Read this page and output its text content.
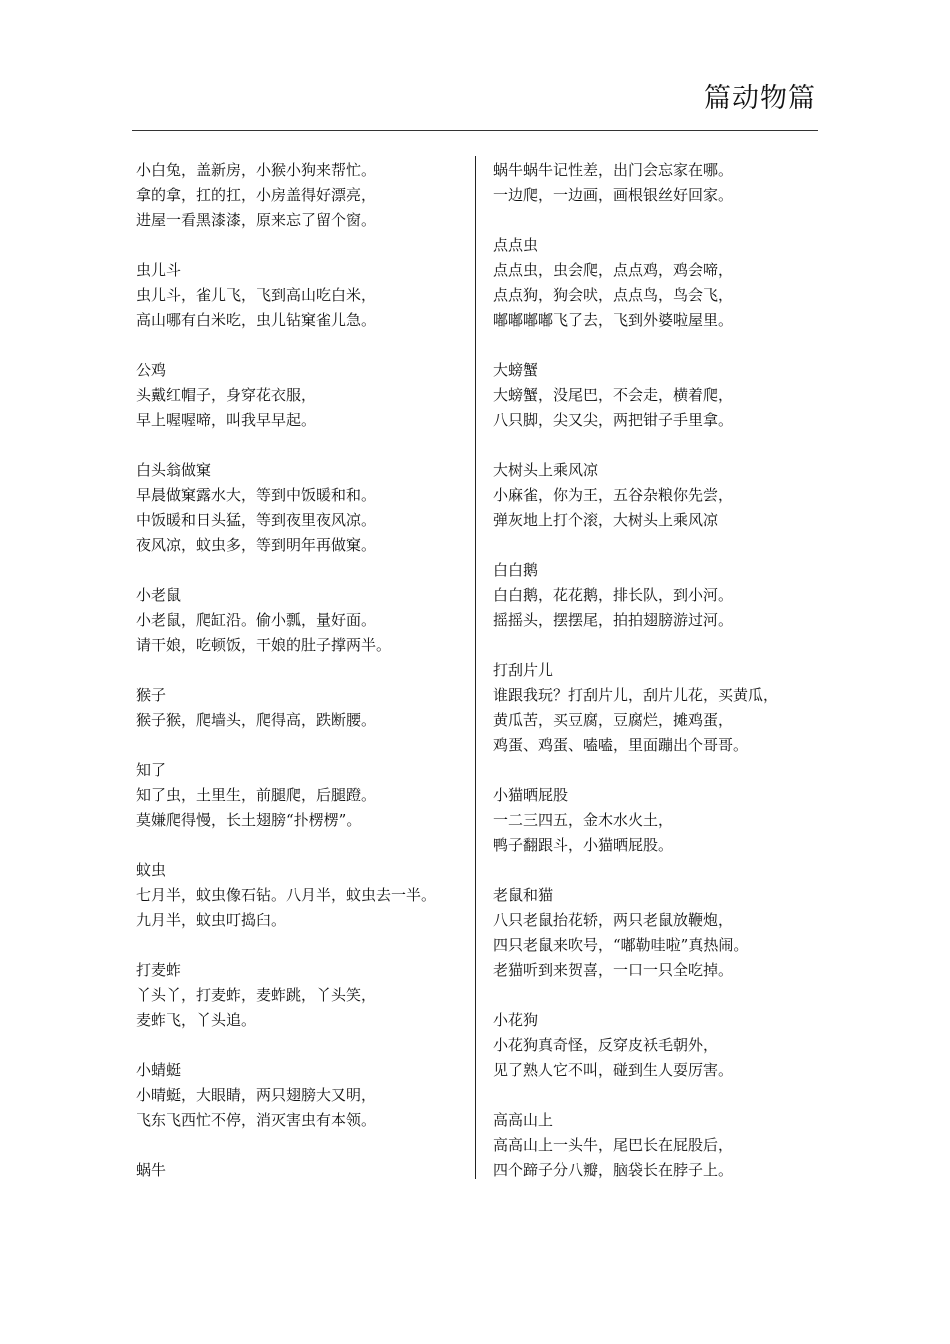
篇动物篇
小白兔，盖新房，小猴小狗来帮忙。
拿的拿，扛的扛，小房盖得好漂亮，
进屋一看黑漆漆，原来忘了留个窗。
虫儿斗
虫儿斗，雀儿飞，飞到高山吃白米，
高山哪有白米吃，虫儿钻窠雀儿急。
公鸡
头戴红帽子，身穿花衣服，
早上喔喔啼，叫我早早起。
白头翁做窠
早晨做窠露水大，等到中饭暖和和。
中饭暖和日头猛，等到夜里夜风凉。
夜风凉，蚊虫多，等到明年再做窠。
小老鼠
小老鼠，爬缸沿。偷小瓢，量好面。
请干娘，吃顿饭，干娘的肚子撑两半。
猴子
猴子猴，爬墙头，爬得高，跌断腰。
知了
知了虫，土里生，前腿爬，后腿蹬。
莫嫌爬得慢，长土翅膀“扑楞楞”。
蚊虫
七月半，蚊虫像石钻。八月半，蚊虫去一半。
九月半，蚊虫叮捣臼。
打麦蚱
丫头丫，打麦蚱，麦蚱跳，丫头笑，
麦蚱飞，丫头追。
小蜻蜓
小晴蜓，大眼睛，两只翅膀大又明，
飞东飞西忙不停，消灭害虫有本领。
蜗牛
蜗牛蜗牛记性差，出门会忘家在哪。
一边爬，一边画，画根银丝好回家。
点点虫
点点虫，虫会爬，点点鸡，鸡会啼，
点点狗，狗会吠，点点鸟，鸟会飞，
嘟嘟嘟嘟飞了去，飞到外婆啦屋里。
大螃蟹
大螃蟹，没尾巴，不会走，横着爬，
八只脚，尖又尖，两把钳子手里拿。
大树头上乘风凉
小麻雀，你为王，五谷杂粮你先尝，
弹灰地上打个滚，大树头上乘风凉
白白鹅
白白鹅，花花鹅，排长队，到小河。
摇摇头，摆摆尾，拍拍翅膀游过河。
打刮片儿
谁跟我玩？打刮片儿，刮片儿花，买黄瓜，
黄瓜苦，买豆腐，豆腐烂，摊鸡蛋，
鸡蛋、鸡蛋、嗑嗑，里面蹦出个哥哥。
小猫晒屁股
一二三四五，金木水火土，
鸭子翻跟斗，小猫晒屁股。
老鼠和猫
八只老鼠抬花轿，两只老鼠放鞭炮，
四只老鼠来吹号，“嘟勒哇啦”真热闹。
老猫听到来贺喜，一口一只全吃掉。
小花狗
小花狗真奇怪，反穿皮袄毛朝外，
见了熟人它不叫，碰到生人耍厉害。
高高山上
高高山上一头牛，尾巴长在屁股后，
四个蹄子分八瓣，脑袋长在脖子上。
